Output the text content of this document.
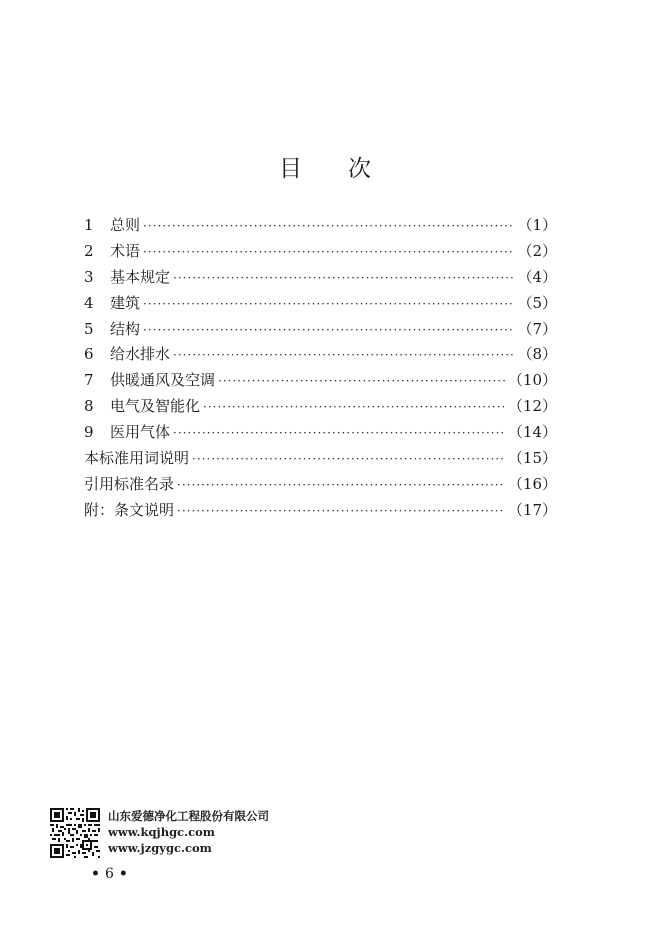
目 次
1	总则 ·····	（1）
2	术语 ·····	（2）
3	基本规定 ·····	（4）
4	建筑 ·····	（5）
5	结构 ·····	（7）
6	给水排水 ·····	（8）
7	供暖通风及空调 ·····	（10）
8	电气及智能化 ·····	（12）
9	医用气体 ·····	（14）
本标准用词说明 ·····	（15）
引用标准名录 ·····	（16）
附：条文说明 ·····	（17）
山东爱德净化工程股份有限公司
www.kqjhgc.com
www.jzgygc.com
• 6 •
